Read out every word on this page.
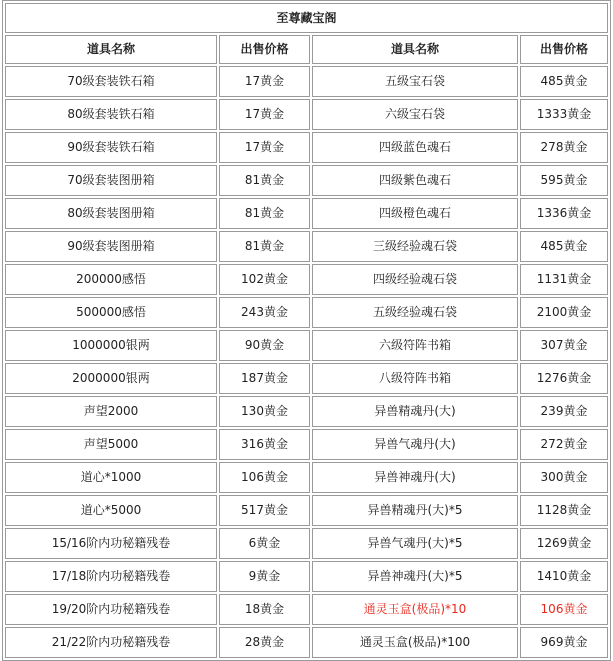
至尊藏宝阁			
道具名称	出售价格	道具名称	出售价格
70级套装铁石箱	17黄金	五级宝石袋	485黄金
80级套装铁石箱	17黄金	六级宝石袋	1333黄金
90级套装铁石箱	17黄金	四级蓝色魂石	278黄金
70级套装图册箱	81黄金	四级紫色魂石	595黄金
80级套装图册箱	81黄金	四级橙色魂石	1336黄金
90级套装图册箱	81黄金	三级经验魂石袋	485黄金
200000感悟	102黄金	四级经验魂石袋	1131黄金
500000感悟	243黄金	五级经验魂石袋	2100黄金
1000000银两	90黄金	六级符阵书箱	307黄金
2000000银两	187黄金	八级符阵书箱	1276黄金
声望2000	130黄金	异兽精魂丹(大)	239黄金
声望5000	316黄金	异兽气魂丹(大)	272黄金
道心*1000	106黄金	异兽神魂丹(大)	300黄金
道心*5000	517黄金	异兽精魂丹(大)*5	1128黄金
15/16阶内功秘籍残卷	6黄金	异兽气魂丹(大)*5	1269黄金
17/18阶内功秘籍残卷	9黄金	异兽神魂丹(大)*5	1410黄金
19/20阶内功秘籍残卷	18黄金	通灵玉盒(极品)*10	106黄金
21/22阶内功秘籍残卷	28黄金	通灵玉盒(极品)*100	969黄金
